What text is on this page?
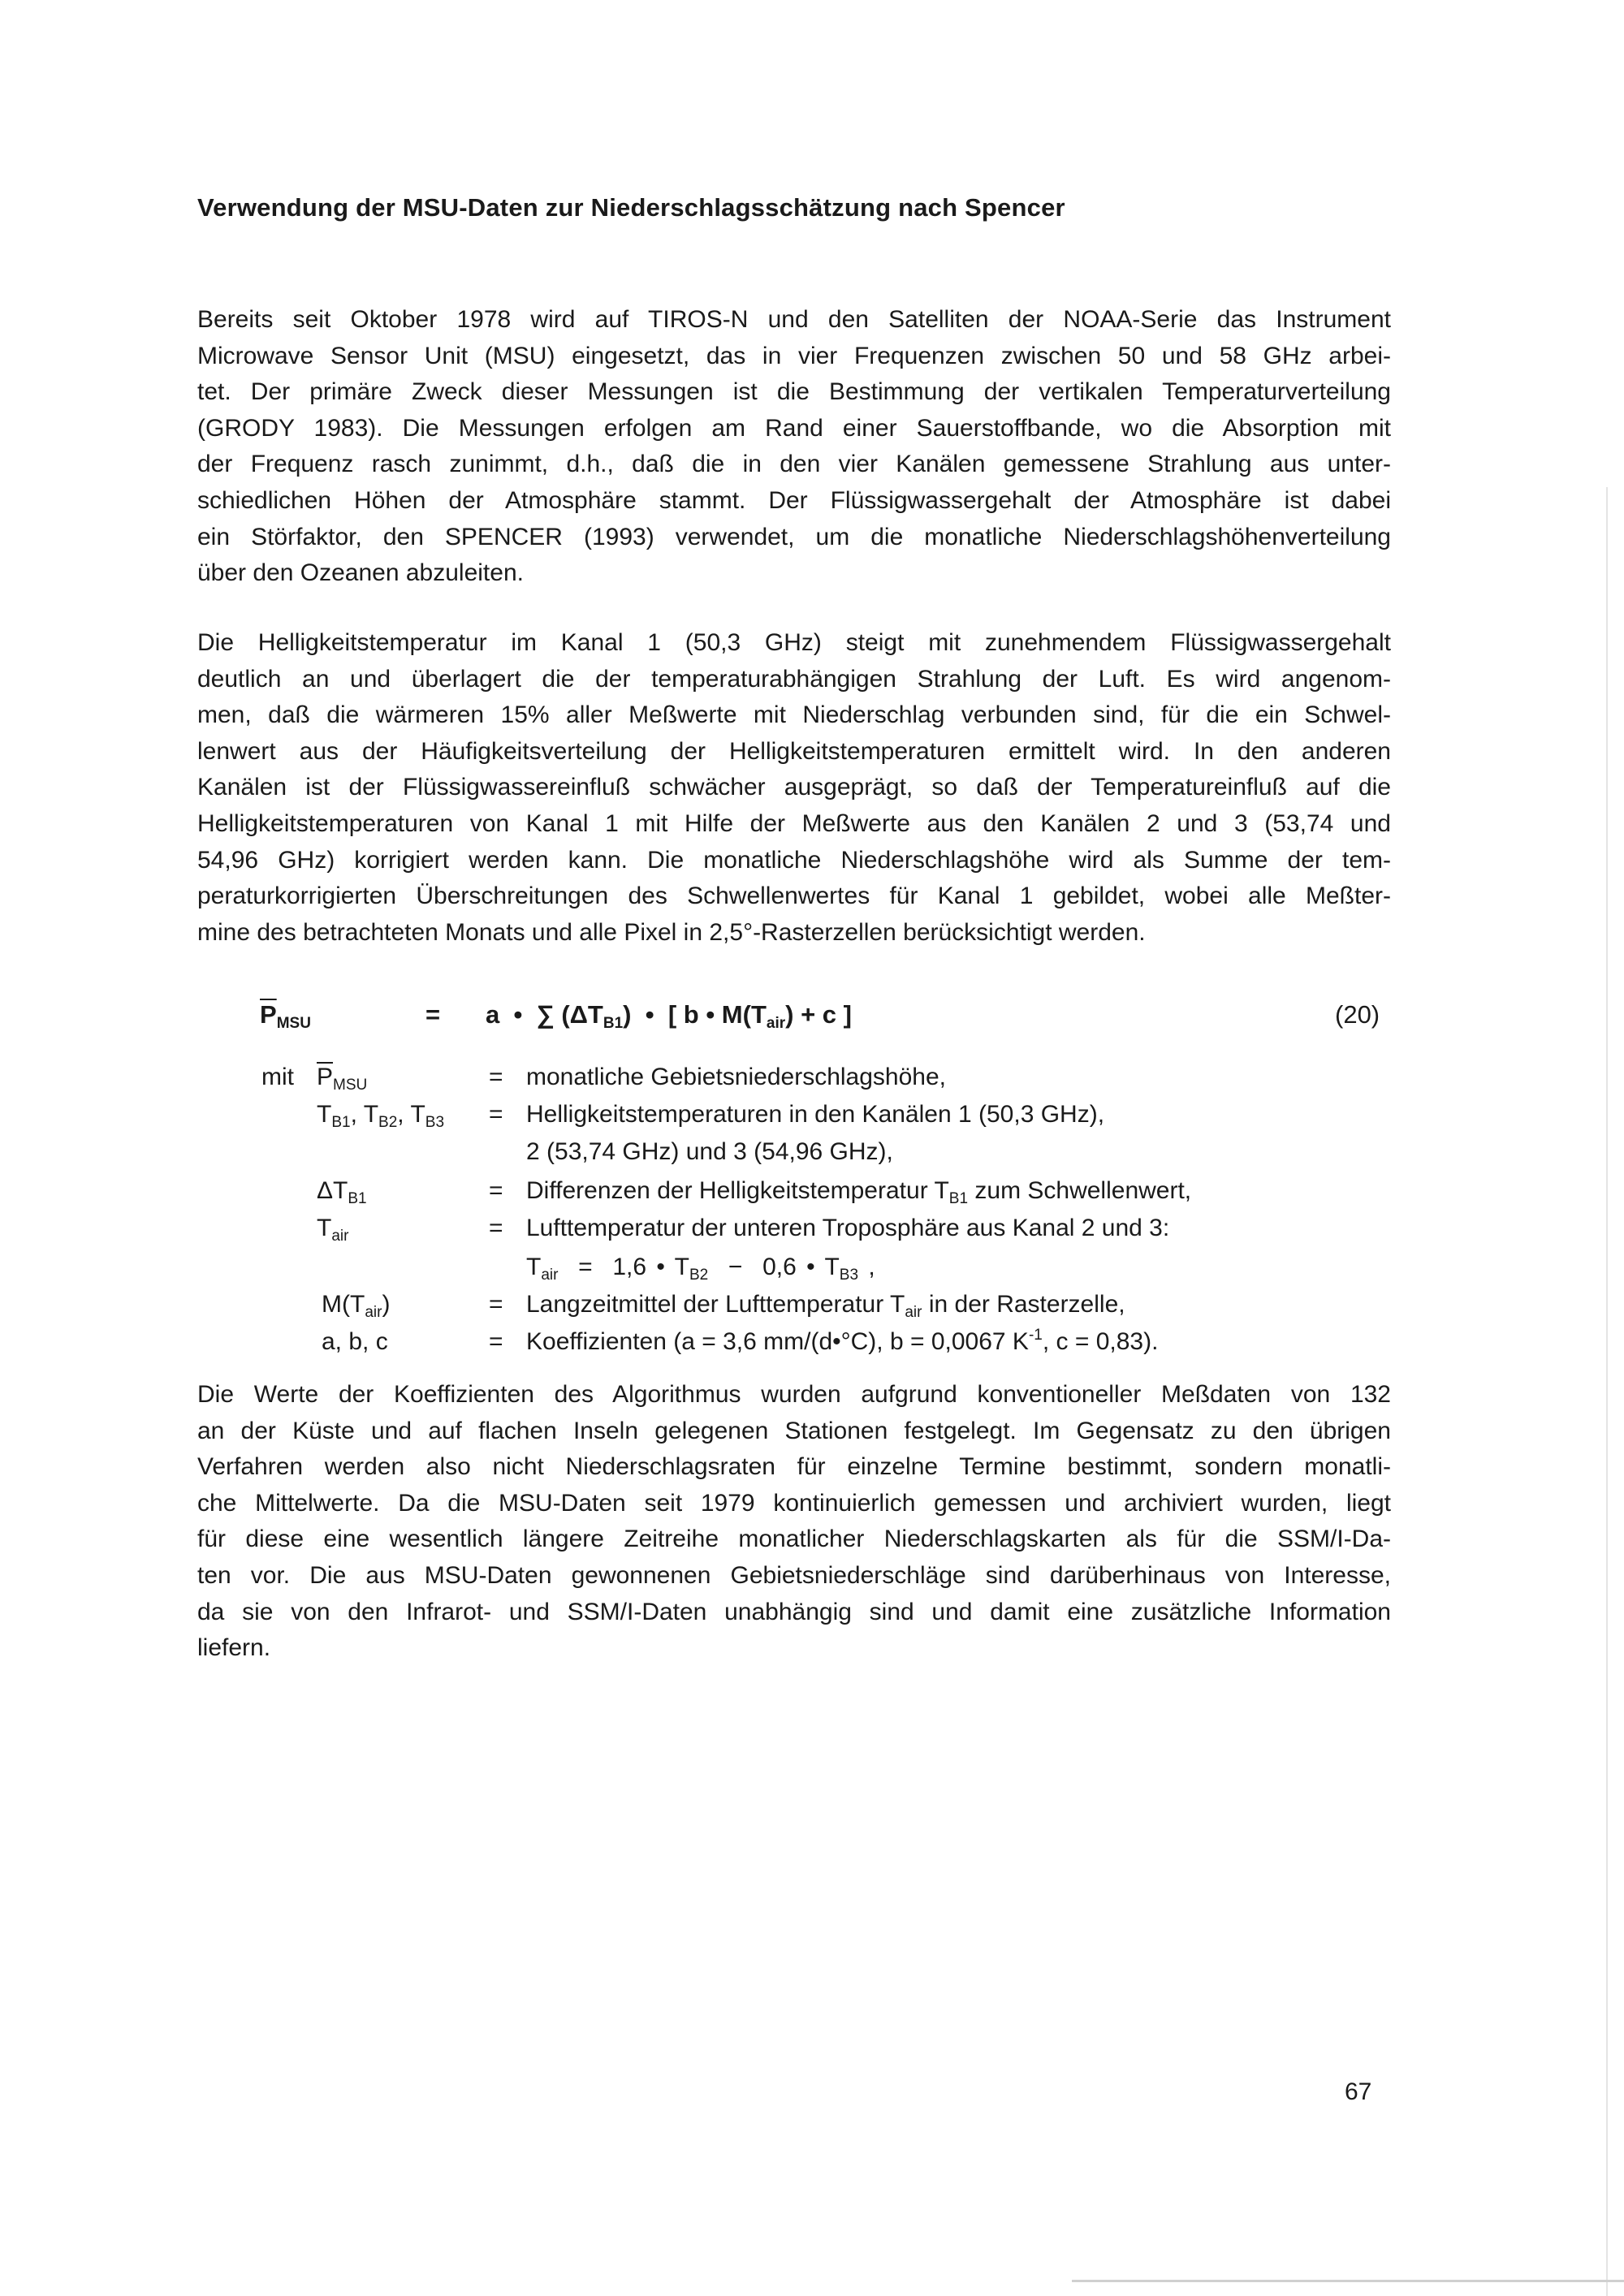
Verwendung der MSU-Daten zur Niederschlagsschätzung nach Spencer
Bereits seit Oktober 1978 wird auf TIROS-N und den Satelliten der NOAA-Serie das Instrument
Microwave Sensor Unit (MSU) eingesetzt, das in vier Frequenzen zwischen 50 und 58 GHz arbei-
tet. Der primäre Zweck dieser Messungen ist die Bestimmung der vertikalen Temperaturverteilung
(GRODY 1983). Die Messungen erfolgen am Rand einer Sauerstoffbande, wo die Absorption mit
der Frequenz rasch zunimmt, d.h., daß die in den vier Kanälen gemessene Strahlung aus unter-
schiedlichen Höhen der Atmosphäre stammt. Der Flüssigwassergehalt der Atmosphäre ist dabei
ein Störfaktor, den SPENCER (1993) verwendet, um die monatliche Niederschlagshöhenverteilung
über den Ozeanen abzuleiten.
Die Helligkeitstemperatur im Kanal 1 (50,3 GHz) steigt mit zunehmendem Flüssigwassergehalt
deutlich an und überlagert die der temperaturabhängigen Strahlung der Luft. Es wird angenom-
men, daß die wärmeren 15% aller Meßwerte mit Niederschlag verbunden sind, für die ein Schwel-
lenwert aus der Häufigkeitsverteilung der Helligkeitstemperaturen ermittelt wird. In den anderen
Kanälen ist der Flüssigwassereinfluß schwächer ausgeprägt, so daß der Temperatureinfluß auf die
Helligkeitstemperaturen von Kanal 1 mit Hilfe der Meßwerte aus den Kanälen 2 und 3 (53,74 und
54,96 GHz) korrigiert werden kann. Die monatliche Niederschlagshöhe wird als Summe der tem-
peraturkorrigierten Überschreitungen des Schwellenwertes für Kanal 1 gebildet, wobei alle Meßter-
mine des betrachteten Monats und alle Pixel in 2,5°-Rasterzellen berücksichtigt werden.
$\overline{P}_{MSU}$	= a • ∑ $(\Delta T_{B1})$ • [ b • $M(T_{air}) + c$ ]	(20)
mit $\overline{P}_{MSU}$	= monatliche Gebietsniederschlagshöhe,
$T_{B1}$, $T_{B2}$, $T_{B3}$ = Helligkeitstemperaturen in den Kanälen 1 (50,3 GHz),
2 (53,74 GHz) und 3 (54,96 GHz),
$\Delta T_{B1}$	= Differenzen der Helligkeitstemperatur $T_{B1}$ zum Schwellenwert,
$T_{air}$	= Lufttemperatur der unteren Troposphäre aus Kanal 2 und 3:
$T_{air} = 1,6$ • $T_{B2} - 0,6$ • $T_{B3}$ ,
$M(T_{air})$	= Langzeitmittel der Lufttemperatur $T_{air}$ in der Rasterzelle,
a, b, c	= Koeffizienten (a = 3,6 mm/(d•°C), b = 0,0067 $K^{-1}$, c = 0,83).
Die Werte der Koeffizienten des Algorithmus wurden aufgrund konventioneller Meßdaten von 132
an der Küste und auf flachen Inseln gelegenen Stationen festgelegt. Im Gegensatz zu den übrigen
Verfahren werden also nicht Niederschlagsraten für einzelne Termine bestimmt, sondern monatli-
che Mittelwerte. Da die MSU-Daten seit 1979 kontinuierlich gemessen und archiviert wurden, liegt
für diese eine wesentlich längere Zeitreihe monatlicher Niederschlagskarten als für die SSM/I-Da-
ten vor. Die aus MSU-Daten gewonnenen Gebietsniederschläge sind darüberhinaus von Interesse,
da sie von den Infrarot- und SSM/I-Daten unabhängig sind und damit eine zusätzliche Information
liefern.
67
